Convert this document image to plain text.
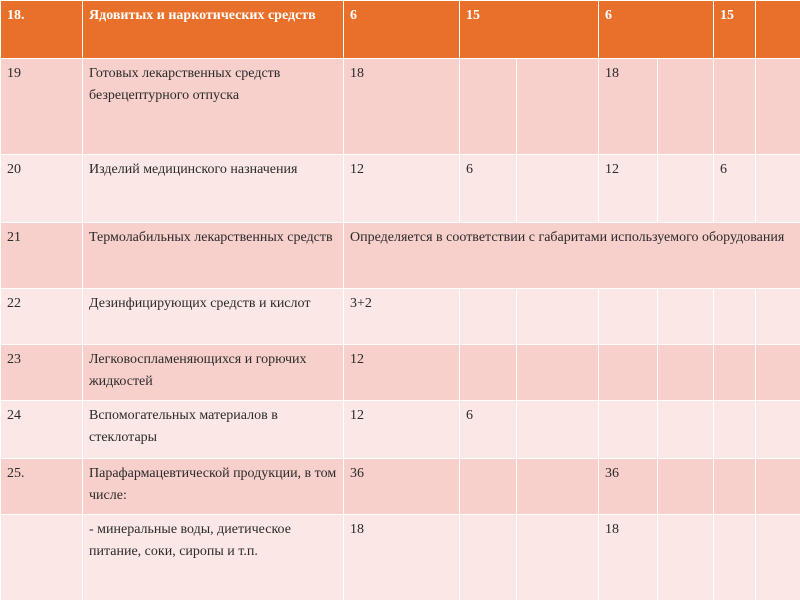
18.	Ядовитых и наркотических средств	6	15		6		15	
19	Готовых лекарственных средств безрецептурного отпуска	18			18			
20	Изделий медицинского назначения	12	6		12		6	
21	Термолабильных лекарственных средств	Определяется в соответствии с габаритами используемого оборудования						
22	Дезинфицирующих средств и кислот	3+2						
23	Легковоспламеняющихся и горючих жидкостей	12						
24	Вспомогательных материалов в стеклотары	12	6					
25.	Парафармацевтической продукции, в том числе:	36			36			
	- минеральные воды, диетическое питание, соки, сиропы и т.п.	18			18			
